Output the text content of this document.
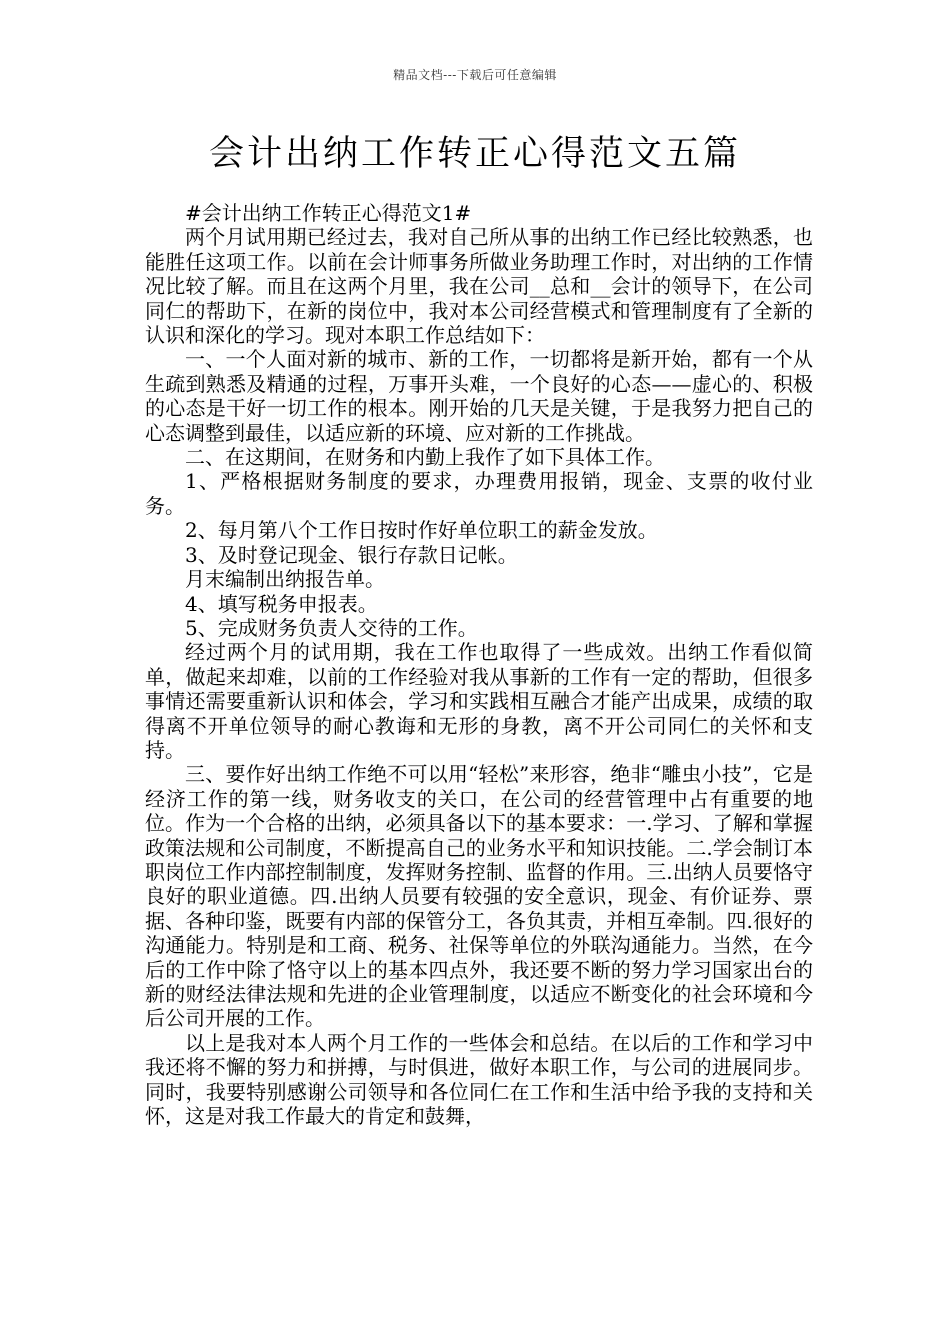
精品文档---下载后可任意编辑
会计出纳工作转正心得范文五篇

#会计出纳工作转正心得范文1#

两个月试用期已经过去，我对自己所从事的出纳工作已经比较熟悉，也能胜任这项工作。以前在会计师事务所做业务助理工作时，对出纳的工作情况比较了解。而且在这两个月里，我在公司__总和__会计的领导下，在公司同仁的帮助下，在新的岗位中，我对本公司经营模式和管理制度有了全新的认识和深化的学习。现对本职工作总结如下：

一、一个人面对新的城市、新的工作，一切都将是新开始，都有一个从生疏到熟悉及精通的过程，万事开头难，一个良好的心态——虚心的、积极的心态是干好一切工作的根本。刚开始的几天是关键，于是我努力把自己的心态调整到最佳，以适应新的环境、应对新的工作挑战。

二、在这期间，在财务和内勤上我作了如下具体工作。

1、严格根据财务制度的要求，办理费用报销，现金、支票的收付业务。

2、每月第八个工作日按时作好单位职工的薪金发放。

3、及时登记现金、银行存款日记帐。

月末编制出纳报告单。

4、填写税务申报表。

5、完成财务负责人交待的工作。

经过两个月的试用期，我在工作也取得了一些成效。出纳工作看似简单，做起来却难，以前的工作经验对我从事新的工作有一定的帮助，但很多事情还需要重新认识和体会，学习和实践相互融合才能产出成果，成绩的取得离不开单位领导的耐心教诲和无形的身教，离不开公司同仁的关怀和支持。

三、要作好出纳工作绝不可以用“轻松”来形容，绝非“雕虫小技”，它是经济工作的第一线，财务收支的关口，在公司的经营管理中占有重要的地位。作为一个合格的出纳，必须具备以下的基本要求：一.学习、了解和掌握政策法规和公司制度，不断提高自己的业务水平和知识技能。二.学会制订本职岗位工作内部控制制度，发挥财务控制、监督的作用。三.出纳人员要恪守良好的职业道德。四.出纳人员要有较强的安全意识，现金、有价证券、票据、各种印鉴，既要有内部的保管分工，各负其责，并相互牵制。四.很好的沟通能力。特别是和工商、税务、社保等单位的外联沟通能力。当然，在今后的工作中除了恪守以上的基本四点外，我还要不断的努力学习国家出台的新的财经法律法规和先进的企业管理制度，以适应不断变化的社会环境和今后公司开展的工作。

以上是我对本人两个月工作的一些体会和总结。在以后的工作和学习中我还将不懈的努力和拼搏，与时俱进，做好本职工作，与公司的进展同步。同时，我要特别感谢公司领导和各位同仁在工作和生活中给予我的支持和关怀，这是对我工作最大的肯定和鼓舞，
